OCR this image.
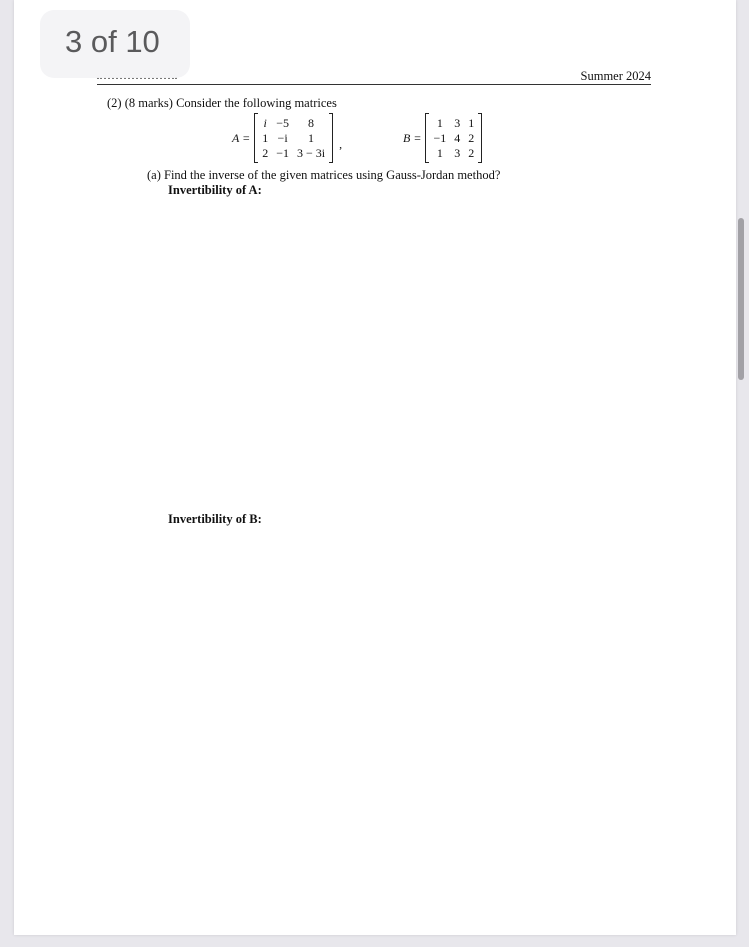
Summer 2024
(2) (8 marks) Consider the following matrices
A =
i	−5	8
1	−i	1
2	−1	3 − 3i
,	B =
1	3	1
−1	4	2
1	3	2
(a) Find the inverse of the given matrices using Gauss-Jordan method?
Invertibility of A:
Invertibility of B:
3 of 10
